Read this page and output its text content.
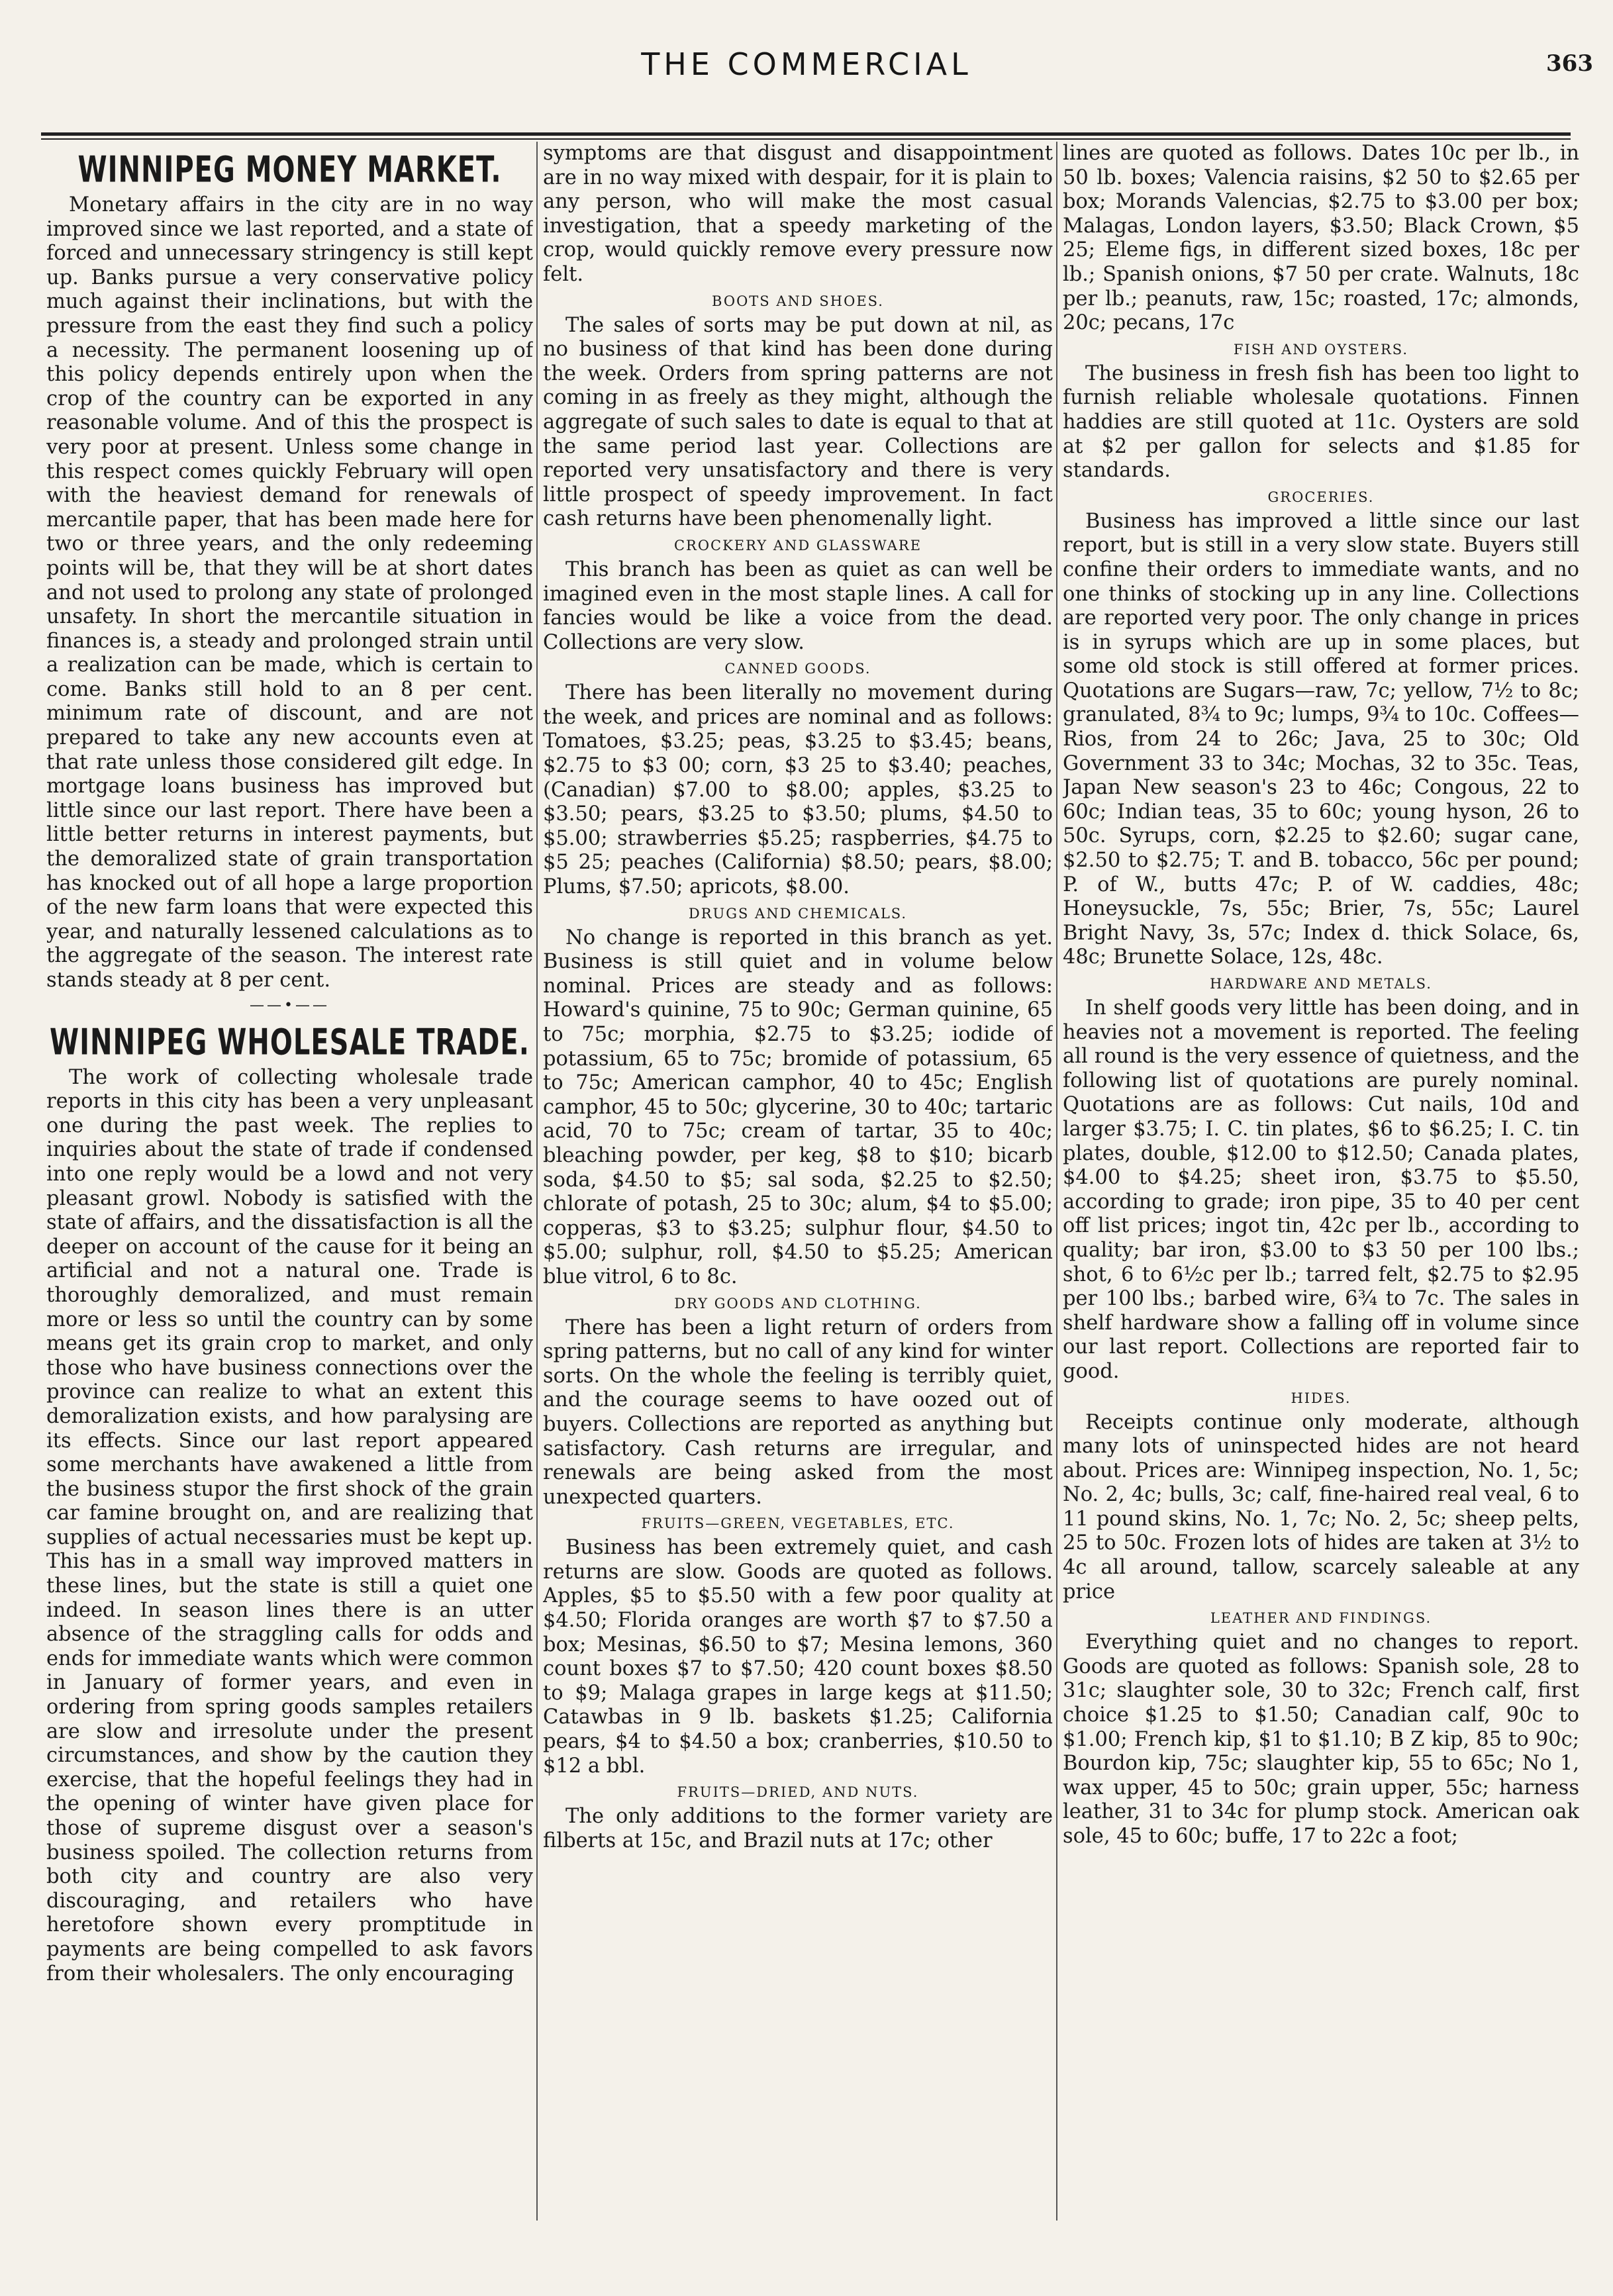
THE COMMERCIAL	363
WINNIPEG MONEY MARKET.

Monetary affairs in the city are in no way improved since we last reported, and a state of forced and unnecessary stringency is still kept up. Banks pursue a very conservative policy much against their inclinations, but with the pressure from the east they find such a policy a necessity. The permanent loosening up of this policy depends entirely upon when the crop of the country can be exported in any reasonable volume. And of this the prospect is very poor at present. Unless some change in this respect comes quickly February will open with the heaviest demand for renewals of mercantile paper, that has been made here for two or three years, and the only redeeming points will be, that they will be at short dates and not used to prolong any state of prolonged unsafety. In short the mercantile situation in finances is, a steady and prolonged strain until a realization can be made, which is certain to come. Banks still hold to an 8 per cent. minimum rate of discount, and are not prepared to take any new accounts even at that rate unless those considered gilt edge. In mortgage loans business has improved but little since our last report. There have been a little better returns in interest payments, but the demoralized state of grain transportation has knocked out of all hope a large proportion of the new farm loans that were expected this year, and naturally lessened calculations as to the aggregate of the season. The interest rate stands steady at 8 per cent.

——•——
WINNIPEG WHOLESALE TRADE.

The work of collecting wholesale trade reports in this city has been a very unpleasant one during the past week. The replies to inquiries about the state of trade if condensed into one reply would be a lowd and not very pleasant growl. Nobody is satisfied with the state of affairs, and the dissatisfaction is all the deeper on account of the cause for it being an artificial and not a natural one. Trade is thoroughly demoralized, and must remain more or less so until the country can by some means get its grain crop to market, and only those who have business connections over the province can realize to what an extent this demoralization exists, and how paralysing are its effects. Since our last report appeared some merchants have awakened a little from the business stupor the first shock of the grain car famine brought on, and are realizing that supplies of actual necessaries must be kept up. This has in a small way improved matters in these lines, but the state is still a quiet one indeed. In season lines there is an utter absence of the straggling calls for odds and ends for immediate wants which were common in January of former years, and even in ordering from spring goods samples retailers are slow and irresolute under the present circumstances, and show by the caution they exercise, that the hopeful feelings they had in the opening of winter have given place for those of supreme disgust over a season's business spoiled. The collection returns from both city and country are also very discouraging, and retailers who have heretofore shown every promptitude in payments are being compelled to ask favors from their wholesalers. The only encouraging

symptoms are that disgust and disappointment are in no way mixed with despair, for it is plain to any person, who will make the most casual investigation, that a speedy marketing of the crop, would quickly remove every pressure now felt.

BOOTS AND SHOES.

The sales of sorts may be put down at nil, as no business of that kind has been done during the week. Orders from spring patterns are not coming in as freely as they might, although the aggregate of such sales to date is equal to that at the same period last year. Collections are reported very unsatisfactory and there is very little prospect of speedy improvement. In fact cash returns have been phenomenally light.

CROCKERY AND GLASSWARE

This branch has been as quiet as can well be imagined even in the most staple lines. A call for fancies would be like a voice from the dead. Collections are very slow.

CANNED GOODS.

There has been literally no movement during the week, and prices are nominal and as follows: Tomatoes, $3.25; peas, $3.25 to $3.45; beans, $2.75 to $3 00; corn, $3 25 to $3.40; peaches, (Canadian) $7.00 to $8.00; apples, $3.25 to $3.50; pears, $3.25 to $3.50; plums, $4.50 to $5.00; strawberries $5.25; raspberries, $4.75 to $5 25; peaches (California) $8.50; pears, $8.00; Plums, $7.50; apricots, $8.00.

DRUGS AND CHEMICALS.

No change is reported in this branch as yet. Business is still quiet and in volume below nominal. Prices are steady and as follows: Howard's quinine, 75 to 90c; German quinine, 65 to 75c; morphia, $2.75 to $3.25; iodide of potassium, 65 to 75c; bromide of potassium, 65 to 75c; American camphor, 40 to 45c; English camphor, 45 to 50c; glycerine, 30 to 40c; tartaric acid, 70 to 75c; cream of tartar, 35 to 40c; bleaching powder, per keg, $8 to $10; bicarb soda, $4.50 to $5; sal soda, $2.25 to $2.50; chlorate of potash, 25 to 30c; alum, $4 to $5.00; copperas, $3 to $3.25; sulphur flour, $4.50 to $5.00; sulphur, roll, $4.50 to $5.25; American blue vitrol, 6 to 8c.

DRY GOODS AND CLOTHING.

There has been a light return of orders from spring patterns, but no call of any kind for winter sorts. On the whole the feeling is terribly quiet, and the courage seems to have oozed out of buyers. Collections are reported as anything but satisfactory. Cash returns are irregular, and renewals are being asked from the most unexpected quarters.

FRUITS—GREEN, VEGETABLES, ETC.

Business has been extremely quiet, and cash returns are slow. Goods are quoted as follows. Apples, $5 to $5.50 with a few poor quality at $4.50; Florida oranges are worth $7 to $7.50 a box; Mesinas, $6.50 to $7; Mesina lemons, 360 count boxes $7 to $7.50; 420 count boxes $8.50 to $9; Malaga grapes in large kegs at $11.50; Catawbas in 9 lb. baskets $1.25; California pears, $4 to $4.50 a box; cranberries, $10.50 to $12 a bbl.

FRUITS—DRIED, AND NUTS.

The only additions to the former variety are filberts at 15c, and Brazil nuts at 17c; other

lines are quoted as follows. Dates 10c per lb., in 50 lb. boxes; Valencia raisins, $2 50 to $2.65 per box; Morands Valencias, $2.75 to $3.00 per box; Malagas, London layers, $3.50; Black Crown, $5 25; Eleme figs, in different sized boxes, 18c per lb.; Spanish onions, $7 50 per crate. Walnuts, 18c per lb.; peanuts, raw, 15c; roasted, 17c; almonds, 20c; pecans, 17c

FISH AND OYSTERS.

The business in fresh fish has been too light to furnish reliable wholesale quotations. Finnen haddies are still quoted at 11c. Oysters are sold at $2 per gallon for selects and $1.85 for standards.

GROCERIES.

Business has improved a little since our last report, but is still in a very slow state. Buyers still confine their orders to immediate wants, and no one thinks of stocking up in any line. Collections are reported very poor. The only change in prices is in syrups which are up in some places, but some old stock is still offered at former prices. Quotations are Sugars—raw, 7c; yellow, 7½ to 8c; granulated, 8¾ to 9c; lumps, 9¾ to 10c. Coffees—Rios, from 24 to 26c; Java, 25 to 30c; Old Government 33 to 34c; Mochas, 32 to 35c. Teas, Japan New season's 23 to 46c; Congous, 22 to 60c; Indian teas, 35 to 60c; young hyson, 26 to 50c. Syrups, corn, $2.25 to $2.60; sugar cane, $2.50 to $2.75; T. and B. tobacco, 56c per pound; P. of W., butts 47c; P. of W. caddies, 48c; Honeysuckle, 7s, 55c; Brier, 7s, 55c; Laurel Bright Navy, 3s, 57c; Index d. thick Solace, 6s, 48c; Brunette Solace, 12s, 48c.

HARDWARE AND METALS.

In shelf goods very little has been doing, and in heavies not a movement is reported. The feeling all round is the very essence of quietness, and the following list of quotations are purely nominal. Quotations are as follows: Cut nails, 10d and larger $3.75; I. C. tin plates, $6 to $6.25; I. C. tin plates, double, $12.00 to $12.50; Canada plates, $4.00 to $4.25; sheet iron, $3.75 to $5.50, according to grade; iron pipe, 35 to 40 per cent off list prices; ingot tin, 42c per lb., according to quality; bar iron, $3.00 to $3 50 per 100 lbs.; shot, 6 to 6½c per lb.; tarred felt, $2.75 to $2.95 per 100 lbs.; barbed wire, 6¾ to 7c. The sales in shelf hardware show a falling off in volume since our last report. Collections are reported fair to good.

HIDES.

Receipts continue only moderate, although many lots of uninspected hides are not heard about. Prices are: Winnipeg inspection, No. 1, 5c; No. 2, 4c; bulls, 3c; calf, fine-haired real veal, 6 to 11 pound skins, No. 1, 7c; No. 2, 5c; sheep pelts, 25 to 50c. Frozen lots of hides are taken at 3½ to 4c all around, tallow, scarcely saleable at any price

LEATHER AND FINDINGS.

Everything quiet and no changes to report. Goods are quoted as follows: Spanish sole, 28 to 31c; slaughter sole, 30 to 32c; French calf, first choice $1.25 to $1.50; Canadian calf, 90c to $1.00; French kip, $1 to $1.10; B Z kip, 85 to 90c; Bourdon kip, 75c; slaughter kip, 55 to 65c; No 1, wax upper, 45 to 50c; grain upper, 55c; harness leather, 31 to 34c for plump stock. American oak sole, 45 to 60c; buffe, 17 to 22c a foot;
